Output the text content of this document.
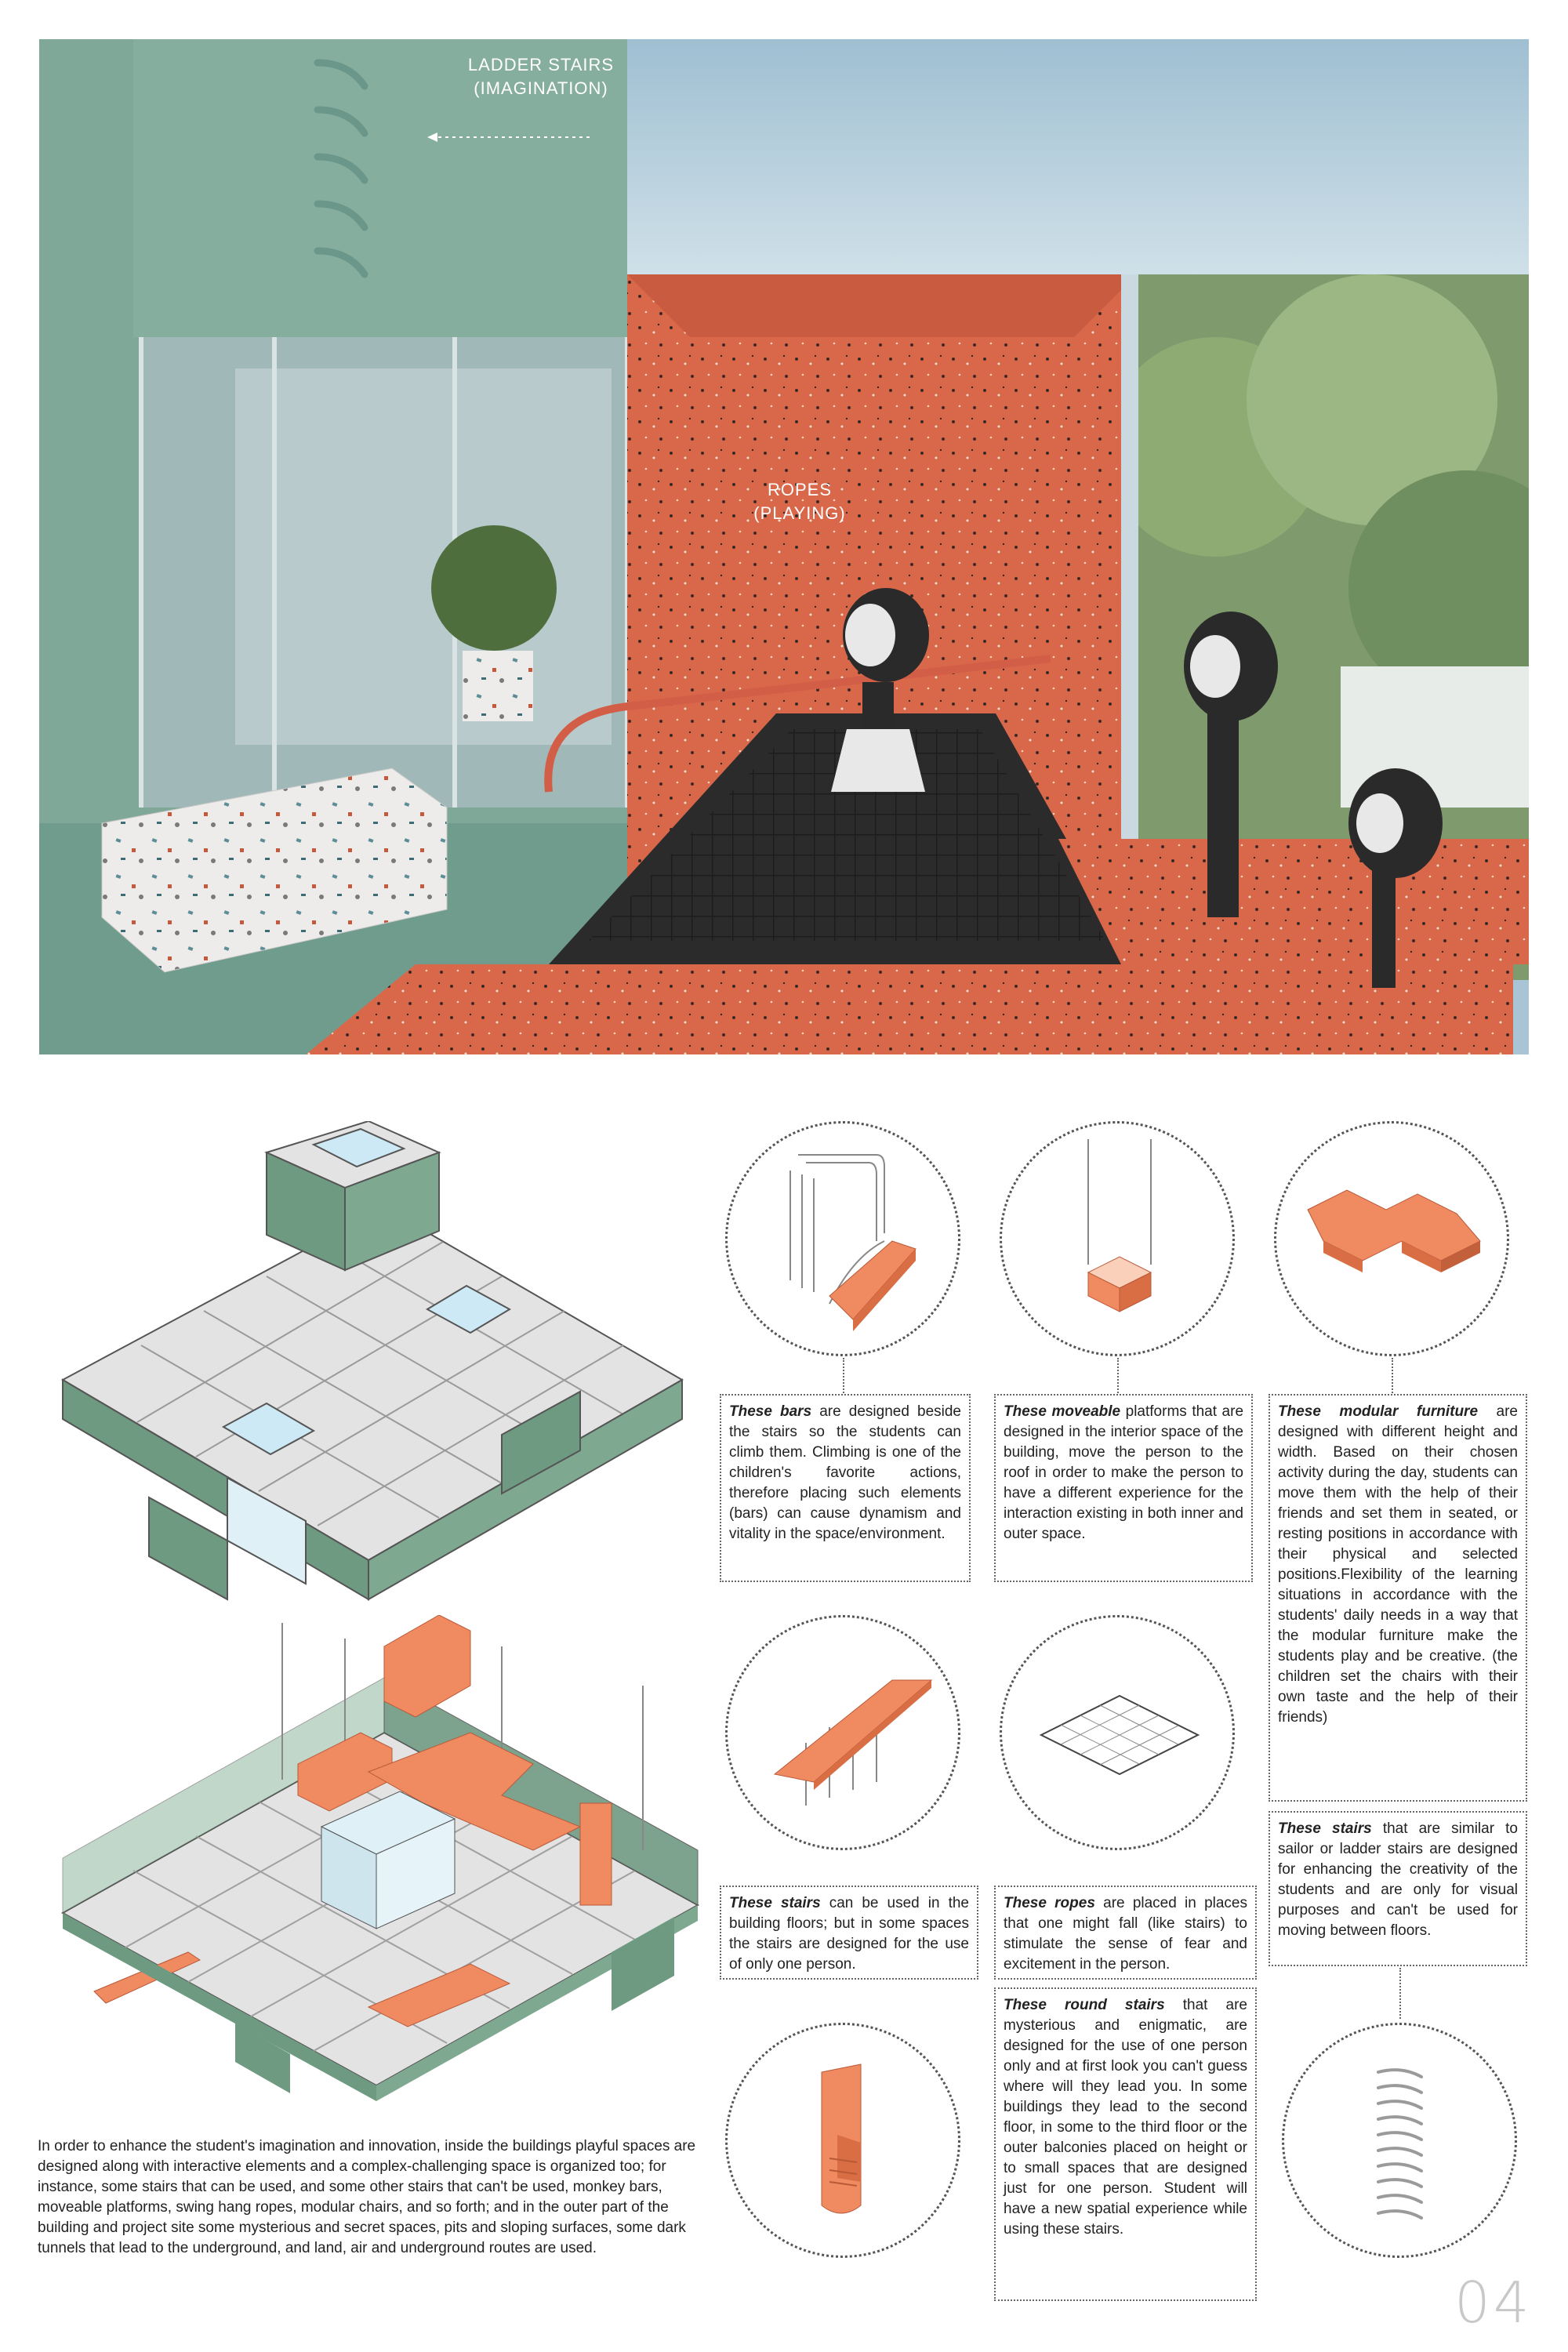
LADDER STAIRS
(IMAGINATION)
ROPES
(PLAYING)
These bars are designed beside the stairs so the students can climb them. Climbing is one of the children's favorite actions, therefore placing such elements (bars) can cause dynamism and vitality in the space/environment.
These moveable platforms that are designed in the interior space of the building, move the person to the roof in order to make the person to have a different experience for the interaction existing in both inner and outer space.
These modular furniture are designed with different height and width. Based on their chosen activity during the day, students can move them with the help of their friends and set them in seated, or resting positions in accordance with their physical and selected positions.Flexibility of the learning situations in accordance with the students' daily needs in a way that the modular furniture make the students play and be creative. (the children set the chairs with their own taste and the help of their friends)
These stairs can be used in the building floors; but in some spaces the stairs are designed for the use of only one person.
These ropes are placed in places that one might fall (like stairs) to stimulate the sense of fear and excitement in the person.
These stairs that are similar to sailor or ladder stairs are designed for enhancing the creativity of the students and are only for visual purposes and can't be used for moving between floors.
These round stairs that are mysterious and enigmatic, are designed for the use of one person only and at first look you can't guess where will they lead you. In some buildings they lead to the second floor, in some to the third floor or the outer balconies placed on height or to small spaces that are designed just for one person. Student will have a new spatial experience while using these stairs.
In order to enhance the student's imagination and innovation, inside the buildings playful spaces are designed along with interactive elements and a complex-challenging space is organized too; for instance, some stairs that can be used, and some other stairs that can't be used, monkey bars, moveable platforms, swing hang ropes, modular chairs, and so forth; and in the outer part of the building and project site some mysterious and secret spaces, pits and sloping surfaces, some dark tunnels that lead to the underground, and land, air and underground routes are used.
04
